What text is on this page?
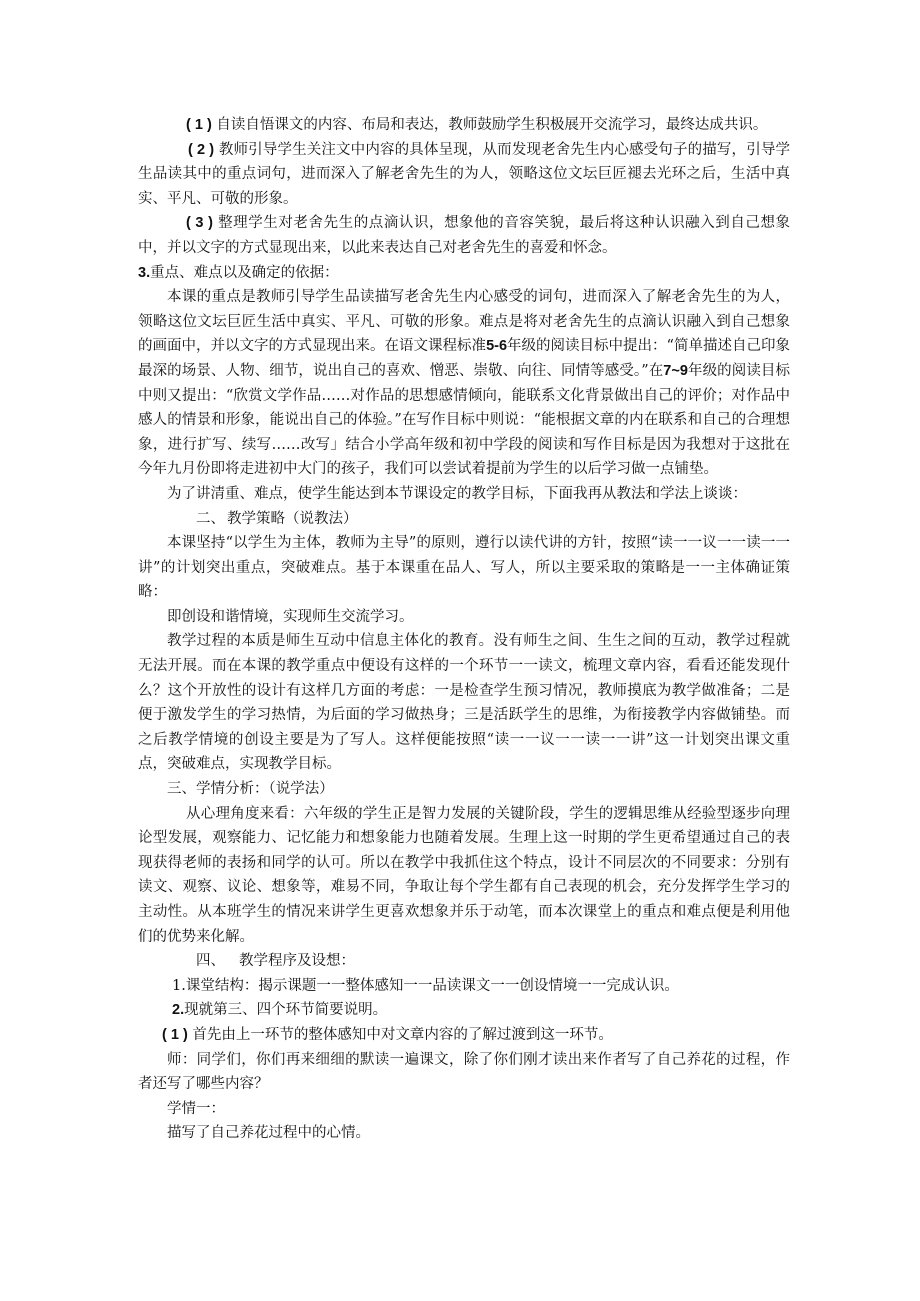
( 1 ) 自读自悟课文的内容、布局和表达，教师鼓励学生积极展开交流学习，最终达成共识。

( 2 ) 教师引导学生关注文中内容的具体呈现，从而发现老舍先生内心感受句子的描写，引导学生品读其中的重点词句，进而深入了解老舍先生的为人，领略这位文坛巨匠褪去光环之后，生活中真实、平凡、可敬的形象。

( 3 ) 整理学生对老舍先生的点滴认识，想象他的音容笑貌，最后将这种认识融入到自己想象中，并以文字的方式显现出来，以此来表达自己对老舍先生的喜爱和怀念。

3.重点、难点以及确定的依据：

本课的重点是教师引导学生品读描写老舍先生内心感受的词句，进而深入了解老舍先生的为人，领略这位文坛巨匠生活中真实、平凡、可敬的形象。难点是将对老舍先生的点滴认识融入到自己想象的画面中，并以文字的方式显现出来。在语文课程标准5-6年级的阅读目标中提出：“简单描述自己印象最深的场景、人物、细节，说出自己的喜欢、憎恶、崇敬、向往、同情等感受。”在7~9年级的阅读目标中则又提出：“欣赏文学作品……对作品的思想感情倾向，能联系文化背景做出自己的评价；对作品中感人的情景和形象，能说出自己的体验。”在写作目标中则说：“能根据文章的内在联系和自己的合理想象，进行扩写、续写……改写」结合小学高年级和初中学段的阅读和写作目标是因为我想对于这批在今年九月份即将走进初中大门的孩子，我们可以尝试着提前为学生的以后学习做一点铺垫。

为了讲清重、难点，使学生能达到本节课设定的教学目标，下面我再从教法和学法上谈谈：

二、 教学策略（说教法）

本课坚持“以学生为主体，教师为主导”的原则，遵行以读代讲的方针，按照“读一一议一一读一一讲”的计划突出重点，突破难点。基于本课重在品人、写人，所以主要采取的策略是一一主体确证策略：

即创设和谐情境，实现师生交流学习。

教学过程的本质是师生互动中信息主体化的教育。没有师生之间、生生之间的互动，教学过程就无法开展。而在本课的教学重点中便设有这样的一个环节一一读文，梳理文章内容，看看还能发现什么？这个开放性的设计有这样几方面的考虑：一是检查学生预习情况，教师摸底为教学做准备；二是便于激发学生的学习热情，为后面的学习做热身；三是活跃学生的思维，为衔接教学内容做铺垫。而之后教学情境的创设主要是为了写人。这样便能按照“读一一议一一读一一讲”这一计划突出课文重点，突破难点，实现教学目标。

三、学情分析：（说学法）

从心理角度来看：六年级的学生正是智力发展的关键阶段，学生的逻辑思维从经验型逐步向理论型发展，观察能力、记忆能力和想象能力也随着发展。生理上这一时期的学生更希望通过自己的表现获得老师的表扬和同学的认可。所以在教学中我抓住这个特点，设计不同层次的不同要求：分别有读文、观察、议论、想象等，难易不同，争取让每个学生都有自己表现的机会，充分发挥学生学习的主动性。从本班学生的情况来讲学生更喜欢想象并乐于动笔，而本次课堂上的重点和难点便是利用他们的优势来化解。

四、 教学程序及设想：

1.课堂结构：揭示课题一一整体感知一一品读课文一一创设情境一一完成认识。

2.现就第三、四个环节简要说明。

( 1 ) 首先由上一环节的整体感知中对文章内容的了解过渡到这一环节。

师：同学们，你们再来细细的默读一遍课文，除了你们刚才读出来作者写了自己养花的过程，作者还写了哪些内容？

学情一：

描写了自己养花过程中的心情。
